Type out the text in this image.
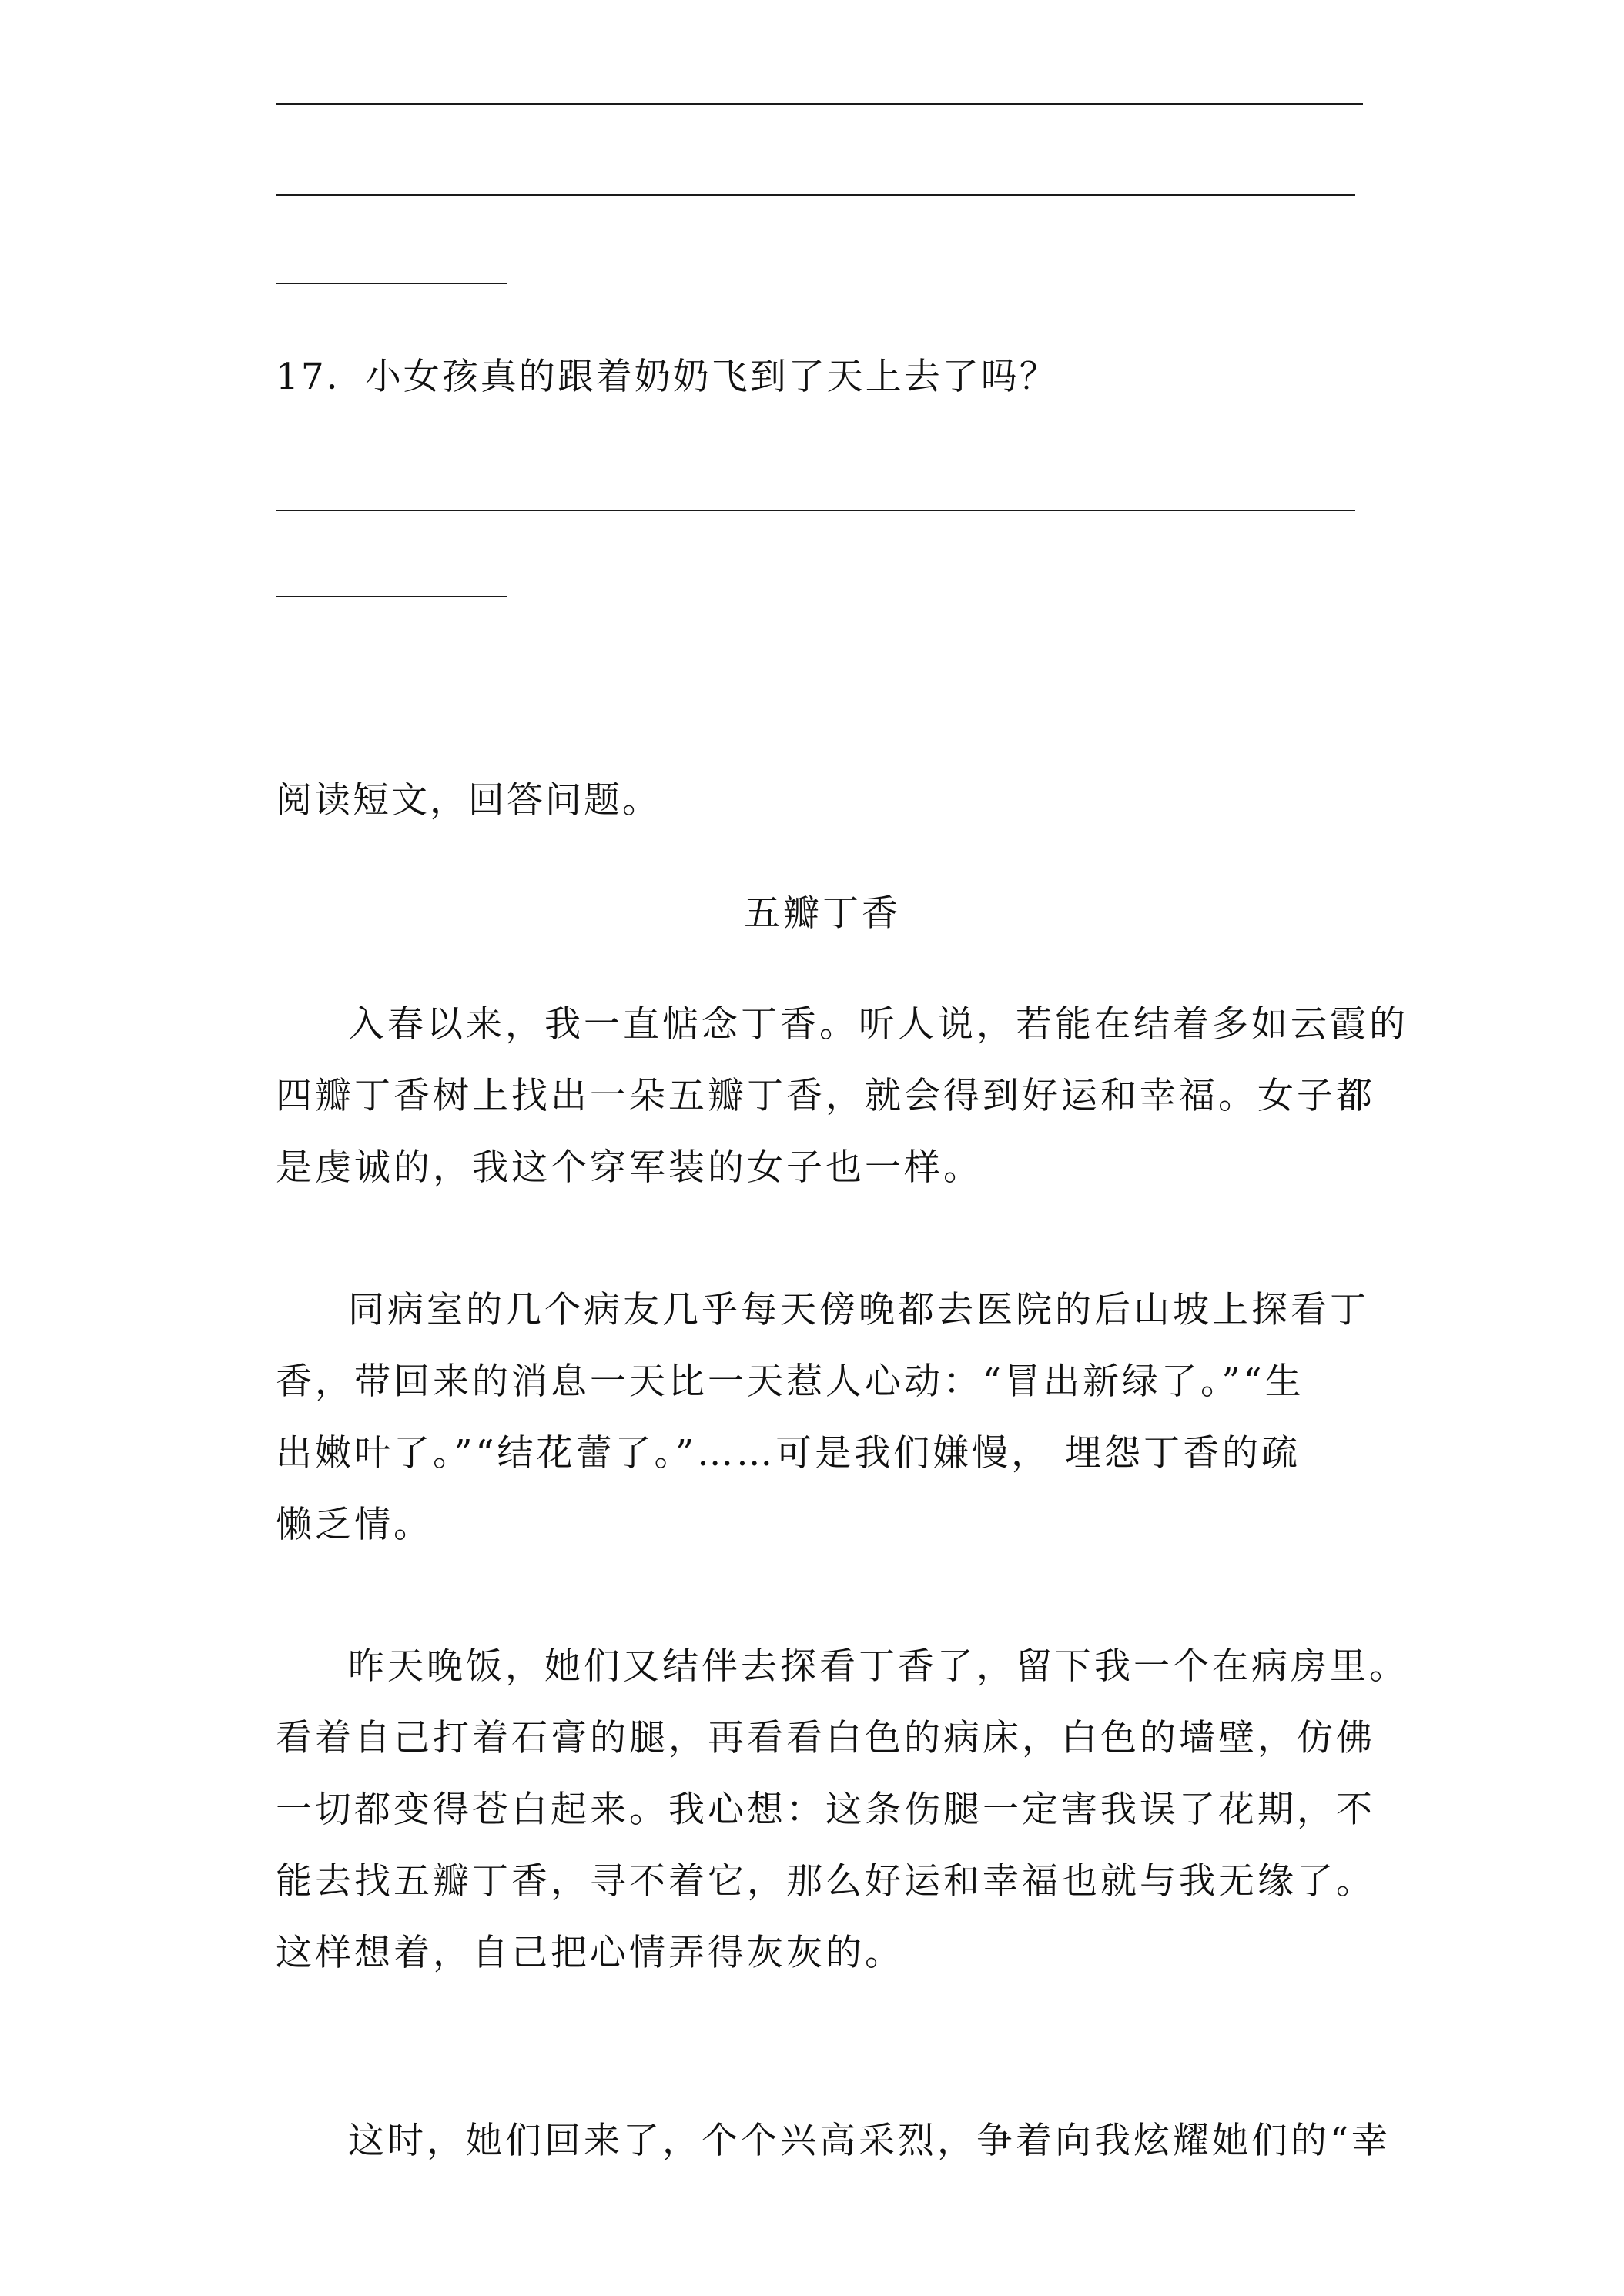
17．小女孩真的跟着奶奶飞到了天上去了吗？
阅读短文，回答问题。
五瓣丁香
入春以来，我一直惦念丁香。听人说，若能在结着多如云霞的
四瓣丁香树上找出一朵五瓣丁香，就会得到好运和幸福。女子都
是虔诚的，我这个穿军装的女子也一样。
同病室的几个病友几乎每天傍晚都去医院的后山坡上探看丁
香，带回来的消息一天比一天惹人心动：“冒出新绿了。”“生
出嫩叶了。”“结花蕾了。”……可是我们嫌慢， 埋怨丁香的疏
懒乏情。
昨天晚饭，她们又结伴去探看丁香了，留下我一个在病房里。
看着自己打着石膏的腿，再看看白色的病床，白色的墙壁，仿佛
一切都变得苍白起来。我心想：这条伤腿一定害我误了花期，不
能去找五瓣丁香，寻不着它，那么好运和幸福也就与我无缘了。
这样想着，自己把心情弄得灰灰的。
这时，她们回来了，个个兴高采烈，争着向我炫耀她们的“幸
